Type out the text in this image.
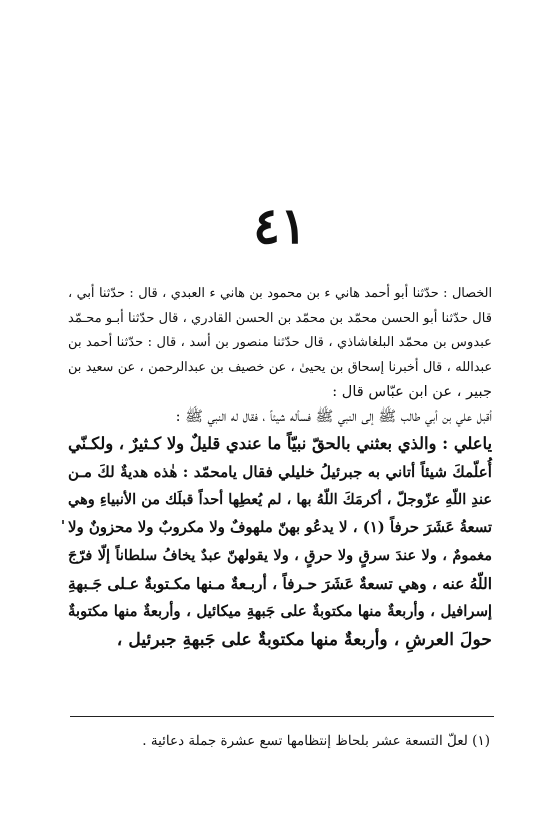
٤١
الخصال : حدّثنا أبو أحمد هاني ء بن محمود بن هاني ء العبدي ، قال : حدّثنا أبي ،
قال حدّثنا أبو الحسن محمّد بن محمّد بن الحسن القادري ، قال حدّثنا أبـو محـمّد
عبدوس بن محمّد البلغاشاذي ، قال حدّثنا منصور بن أسد ، قال : حدّثنا أحمد بن
عبدالله ، قال أخبرنا إسحاق بن يحيىٰ ، عن خصيف بن عبدالرحمن ، عن سعيد بن
جبير ، عن ابن عبّاس قال :
أقبل علي بن أبي طالب ﷺ إلى النبي ﷺ فسأله شيئاً ، فقال له النبي ﷺ :
ياعلي : والذي بعثني بالحقّ نبيّاً ما عندي قليلٌ ولا كـثيرٌ ، ولكـنّي
أُعلّمكَ شيئاً أتاني به جبرئيلُ خليلي فقال يامحمّد : هٰذه هديةٌ لكَ مـن
عندِ اللّهِ عزّوجلّ ، أكرمَكَ اللّهُ بها ، لم يُعطِها أحداً قبلَك من الأنبياءِ وهي
تسعةُ عَشَرَ حرفاً (١) ، لا يدعُو بهنّ ملهوفٌ ولا مكروبٌ ولا محزونٌ ولا
مغمومٌ ، ولا عندَ سرقٍ ولا حرقٍ ، ولا يقولهنّ عبدٌ يخافُ سلطاناً إلّا فرّجَ
اللّهُ عنه ، وهي تسعةٌ عَشَرَ حـرفاً ، أربـعةٌ مـنها مكـتوبةٌ عـلى جَـبهةِ
إسرافيل ، وأربعةٌ منها مكتوبةٌ على جَبهةِ ميكائيل ، وأربعةٌ منها مكتوبةٌ
حولَ العرشِ ، وأربعةٌ منها مكتوبةٌ على جَبهةِ جبرئيل ،
(١) لعلّ التسعة عشر بلحاظ إنتظامها تسع عشرة جملة دعائية .
